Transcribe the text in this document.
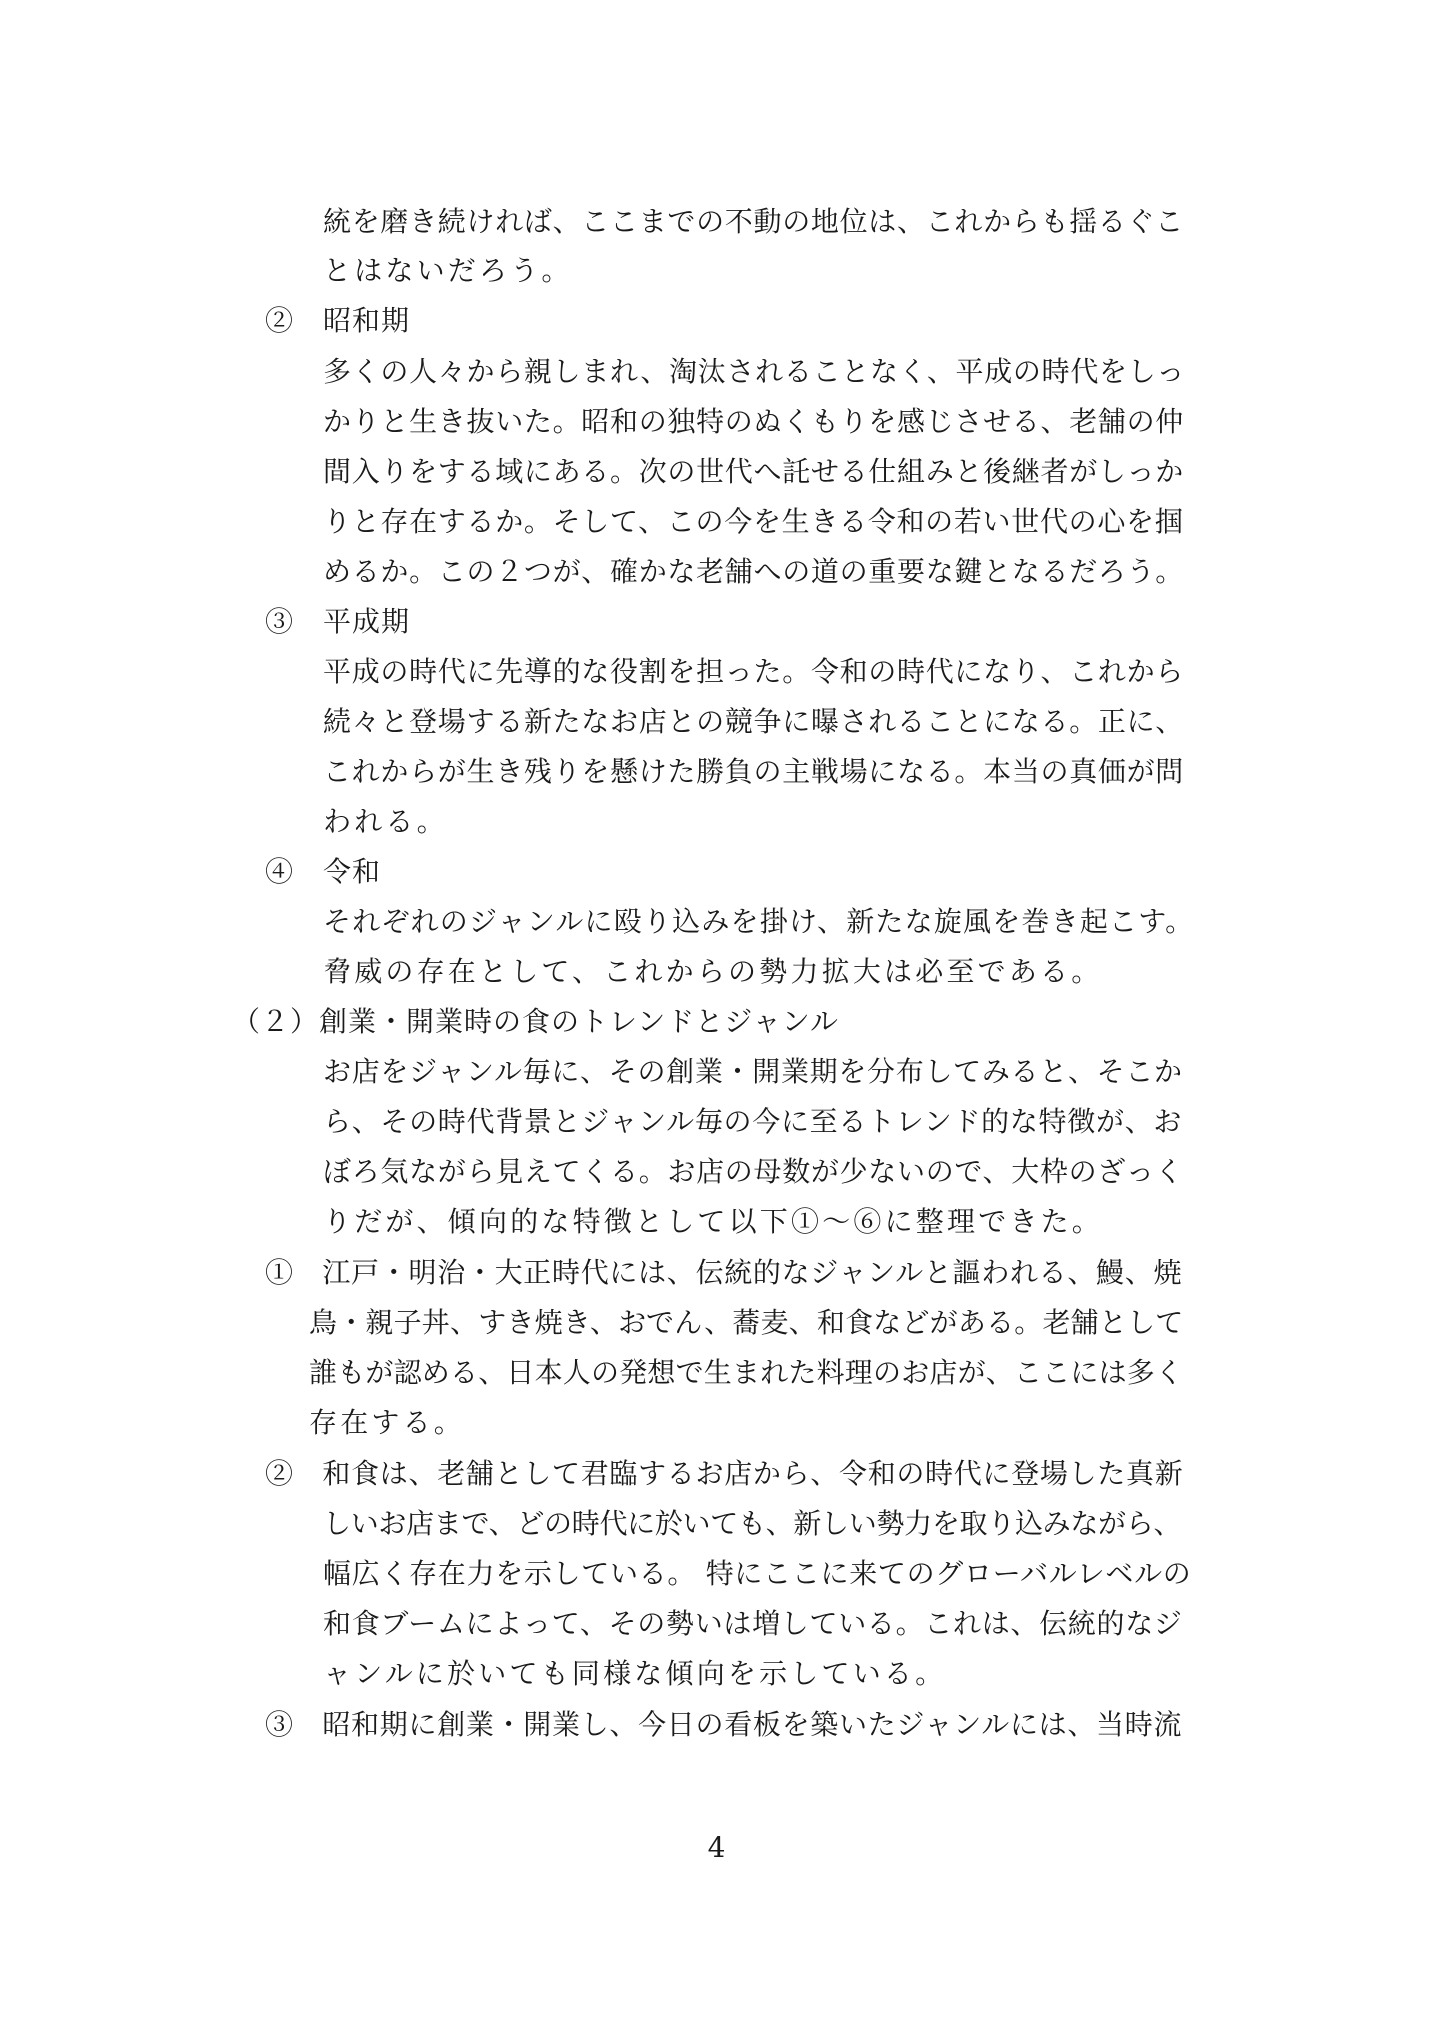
統を磨き続ければ、ここまでの不動の地位は、これからも揺るぐこ
とはないだろう。
②　昭和期
多くの人々から親しまれ、淘汰されることなく、平成の時代をしっ
かりと生き抜いた。昭和の独特のぬくもりを感じさせる、老舗の仲
間入りをする域にある。次の世代へ託せる仕組みと後継者がしっか
りと存在するか。そして、この今を生きる令和の若い世代の心を掴
めるか。この２つが、確かな老舗への道の重要な鍵となるだろう。
③　平成期
平成の時代に先導的な役割を担った。令和の時代になり、これから
続々と登場する新たなお店との競争に曝されることになる。正に、
これからが生き残りを懸けた勝負の主戦場になる。本当の真価が問
われる。
④　令和
それぞれのジャンルに殴り込みを掛け、新たな旋風を巻き起こす。
脅威の存在として、これからの勢力拡大は必至である。
（２）創業・開業時の食のトレンドとジャンル
お店をジャンル毎に、その創業・開業期を分布してみると、そこか
ら、その時代背景とジャンル毎の今に至るトレンド的な特徴が、お
ぼろ気ながら見えてくる。お店の母数が少ないので、大枠のざっく
りだが、傾向的な特徴として以下①～⑥に整理できた。
①　江戸・明治・大正時代には、伝統的なジャンルと謳われる、鰻、焼
鳥・親子丼、すき焼き、おでん、蕎麦、和食などがある。老舗として
誰もが認める、日本人の発想で生まれた料理のお店が、ここには多く
存在する。
②　和食は、老舗として君臨するお店から、令和の時代に登場した真新
しいお店まで、どの時代に於いても、新しい勢力を取り込みながら、
幅広く存在力を示している。 特にここに来てのグローバルレベルの
和食ブームによって、その勢いは増している。これは、伝統的なジ
ャンルに於いても同様な傾向を示している。
③　昭和期に創業・開業し、今日の看板を築いたジャンルには、当時流
4
